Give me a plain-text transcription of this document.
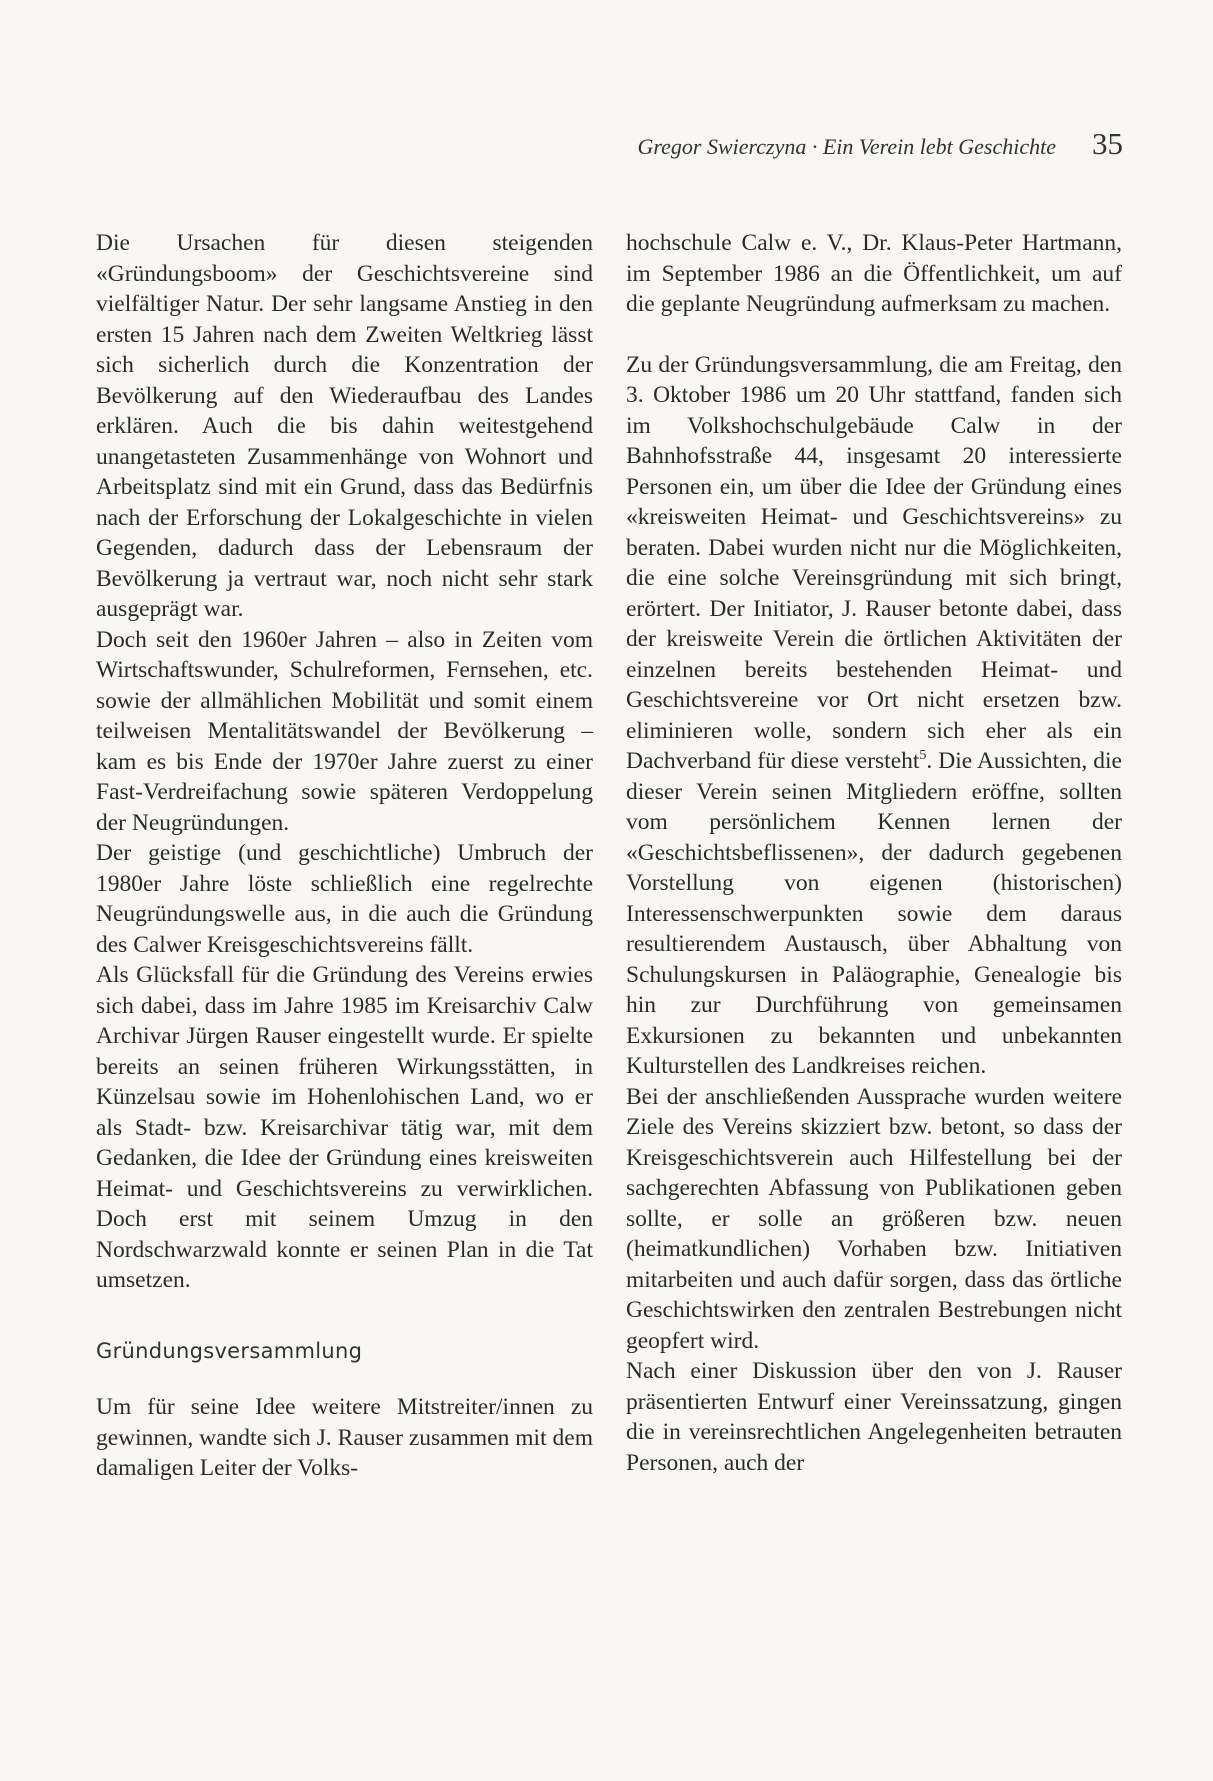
Gregor Swierczyna · Ein Verein lebt Geschichte 35

Die Ursachen für diesen steigenden «Gründungsboom» der Geschichtsvereine sind vielfältiger Natur. Der sehr langsame Anstieg in den ersten 15 Jahren nach dem Zweiten Weltkrieg lässt sich sicherlich durch die Konzentration der Bevölkerung auf den Wiederaufbau des Landes erklären. Auch die bis dahin weitestgehend unangetasteten Zusammenhänge von Wohnort und Arbeitsplatz sind mit ein Grund, dass das Bedürfnis nach der Erforschung der Lokalgeschichte in vielen Gegenden, dadurch dass der Lebensraum der Bevölkerung ja vertraut war, noch nicht sehr stark ausgeprägt war.

Doch seit den 1960er Jahren – also in Zeiten vom Wirtschaftswunder, Schulreformen, Fernsehen, etc. sowie der allmählichen Mobilität und somit einem teilweisen Mentalitätswandel der Bevölkerung – kam es bis Ende der 1970er Jahre zuerst zu einer Fast-Verdreifachung sowie späteren Verdoppelung der Neugründungen.

Der geistige (und geschichtliche) Umbruch der 1980er Jahre löste schließlich eine regelrechte Neugründungswelle aus, in die auch die Gründung des Calwer Kreisgeschichtsvereins fällt.

Als Glücksfall für die Gründung des Vereins erwies sich dabei, dass im Jahre 1985 im Kreisarchiv Calw Archivar Jürgen Rauser eingestellt wurde. Er spielte bereits an seinen früheren Wirkungsstätten, in Künzelsau sowie im Hohenlohischen Land, wo er als Stadt- bzw. Kreisarchivar tätig war, mit dem Gedanken, die Idee der Gründung eines kreisweiten Heimat- und Geschichtsvereins zu verwirklichen. Doch erst mit seinem Umzug in den Nordschwarzwald konnte er seinen Plan in die Tat umsetzen.

Gründungsversammlung

Um für seine Idee weitere Mitstreiter/innen zu gewinnen, wandte sich J. Rauser zusammen mit dem damaligen Leiter der Volks-

hochschule Calw e. V., Dr. Klaus-Peter Hartmann, im September 1986 an die Öffentlichkeit, um auf die geplante Neugründung aufmerksam zu machen.

Zu der Gründungsversammlung, die am Freitag, den 3. Oktober 1986 um 20 Uhr stattfand, fanden sich im Volkshochschulgebäude Calw in der Bahnhofsstraße 44, insgesamt 20 interessierte Personen ein, um über die Idee der Gründung eines «kreisweiten Heimat- und Geschichtsvereins» zu beraten. Dabei wurden nicht nur die Möglichkeiten, die eine solche Vereinsgründung mit sich bringt, erörtert. Der Initiator, J. Rauser betonte dabei, dass der kreisweite Verein die örtlichen Aktivitäten der einzelnen bereits bestehenden Heimat- und Geschichtsvereine vor Ort nicht ersetzen bzw. eliminieren wolle, sondern sich eher als ein Dachverband für diese versteht$^5$. Die Aussichten, die dieser Verein seinen Mitgliedern eröffne, sollten vom persönlichem Kennen lernen der «Geschichtsbeflissenen», der dadurch gegebenen Vorstellung von eigenen (historischen) Interessenschwerpunkten sowie dem daraus resultierendem Austausch, über Abhaltung von Schulungskursen in Paläographie, Genealogie bis hin zur Durchführung von gemeinsamen Exkursionen zu bekannten und unbekannten Kulturstellen des Landkreises reichen.

Bei der anschließenden Aussprache wurden weitere Ziele des Vereins skizziert bzw. betont, so dass der Kreisgeschichtsverein auch Hilfestellung bei der sachgerechten Abfassung von Publikationen geben sollte, er solle an größeren bzw. neuen (heimatkundlichen) Vorhaben bzw. Initiativen mitarbeiten und auch dafür sorgen, dass das örtliche Geschichtswirken den zentralen Bestrebungen nicht geopfert wird.

Nach einer Diskussion über den von J. Rauser präsentierten Entwurf einer Vereinssatzung, gingen die in vereinsrechtlichen Angelegenheiten betrauten Personen, auch der
